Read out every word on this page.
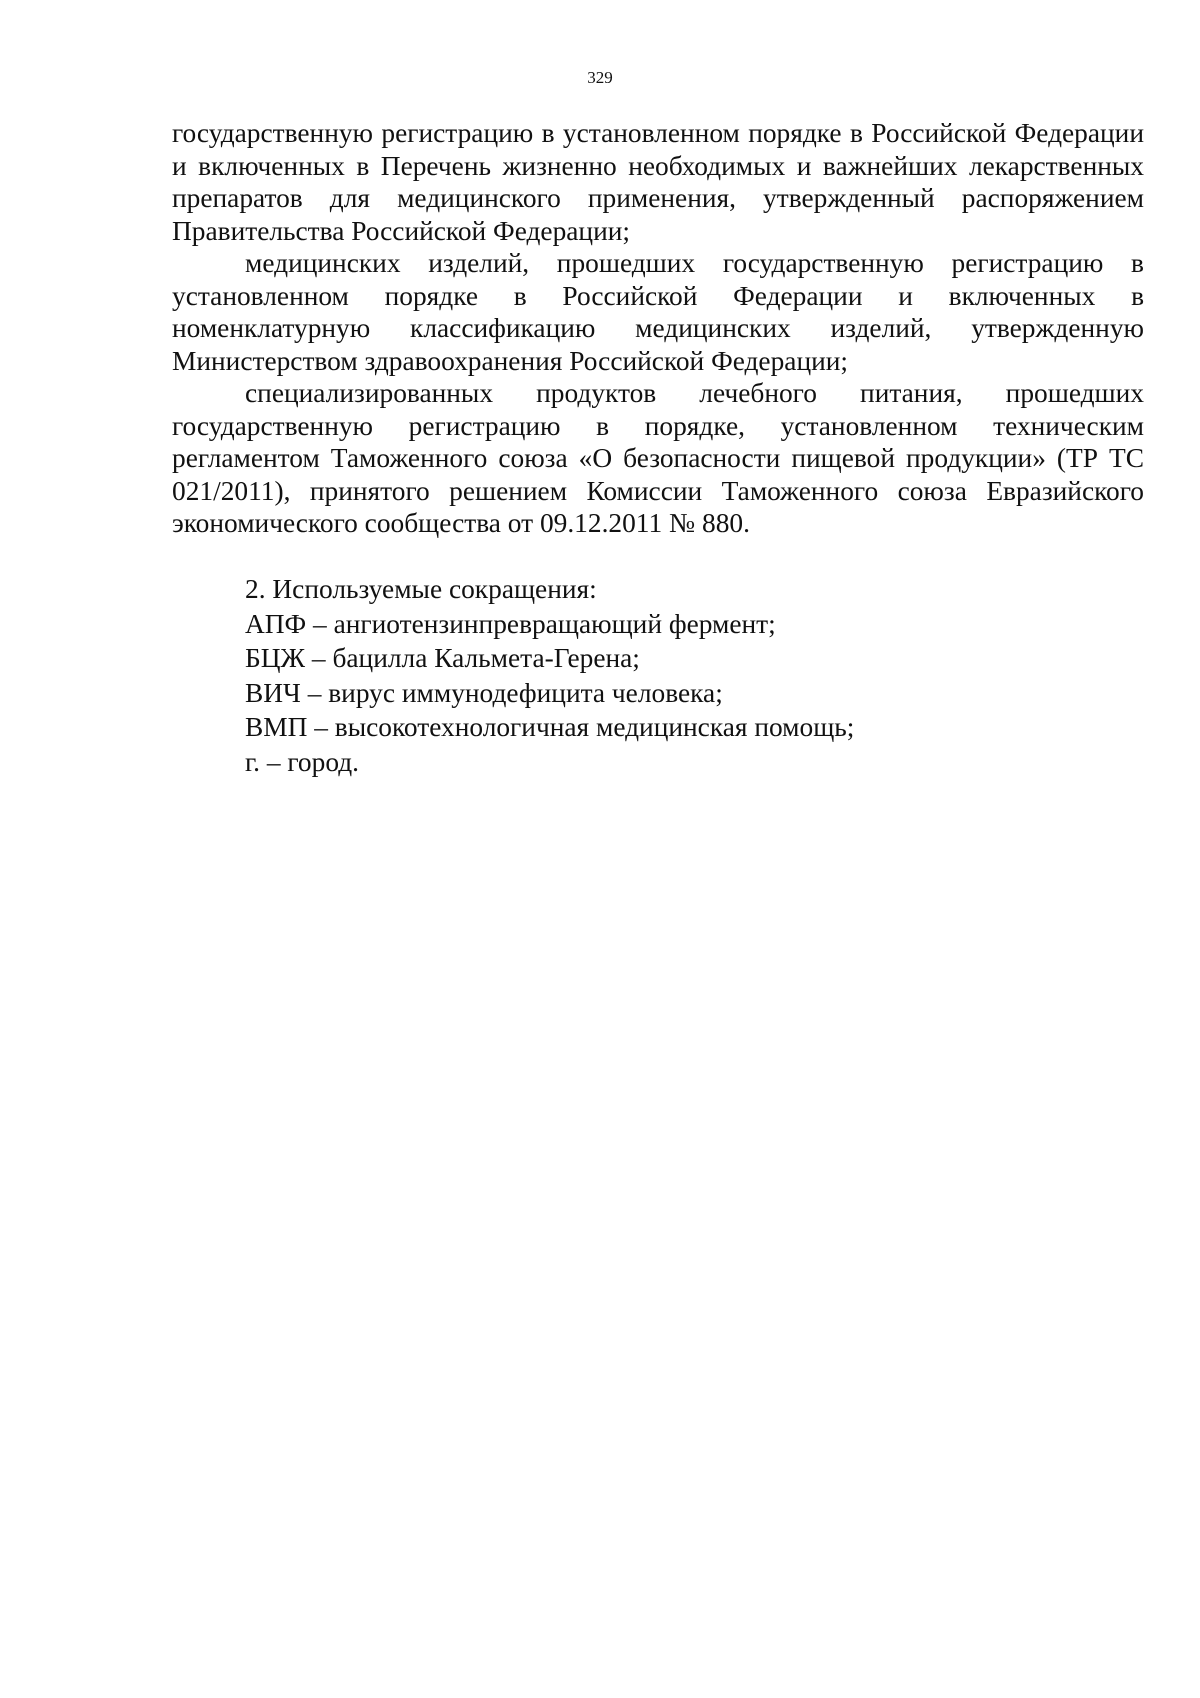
329

государственную регистрацию в установленном порядке в Российской Федерации и включенных в Перечень жизненно необходимых и важнейших лекарственных препаратов для медицинского применения, утвержденный распоряжением Правительства Российской Федерации;

медицинских изделий, прошедших государственную регистрацию в установленном порядке в Российской Федерации и включенных в номенклатурную классификацию медицинских изделий, утвержденную Министерством здравоохранения Российской Федерации;

специализированных продуктов лечебного питания, прошедших государственную регистрацию в порядке, установленном техническим регламентом Таможенного союза «О безопасности пищевой продукции» (ТР ТС 021/2011), принятого решением Комиссии Таможенного союза Евразийского экономического сообщества от 09.12.2011 № 880.

2. Используемые сокращения:

АПФ – ангиотензинпревращающий фермент;

БЦЖ – бацилла Кальмета-Герена;

ВИЧ – вирус иммунодефицита человека;

ВМП – высокотехнологичная медицинская помощь;

г. – город.
